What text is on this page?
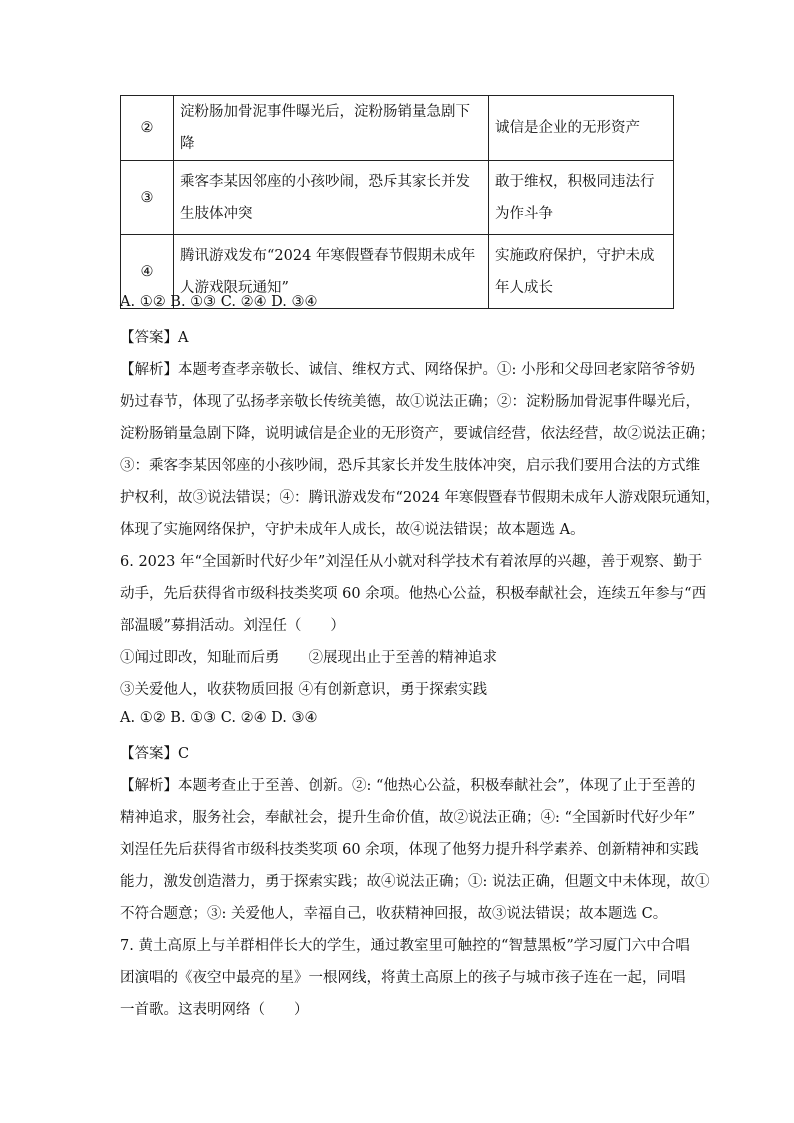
②	淀粉肠加骨泥事件曝光后，淀粉肠销量急剧下降	诚信是企业的无形资产
③	乘客李某因邻座的小孩吵闹，恐斥其家长并发生肢体冲突	敢于维权，积极同违法行为作斗争
④	腾讯游戏发布“2024 年寒假暨春节假期未成年人游戏限玩通知”	实施政府保护，守护未成年人成长
A. ①② B. ①③ C. ②④ D. ③④
【答案】A
【解析】本题考查孝亲敬长、诚信、维权方式、网络保护。①: 小彤和父母回老家陪爷爷奶
奶过春节，体现了弘扬孝亲敬长传统美德，故①说法正确；②：淀粉肠加骨泥事件曝光后，
淀粉肠销量急剧下降，说明诚信是企业的无形资产，要诚信经营，依法经营，故②说法正确；
③：乘客李某因邻座的小孩吵闹，恐斥其家长并发生肢体冲突，启示我们要用合法的方式维
护权利，故③说法错误；④：腾讯游戏发布“2024 年寒假暨春节假期未成年人游戏限玩通知，
体现了实施网络保护，守护未成年人成长，故④说法错误；故本题选 A。
6. 2023 年“全国新时代好少年”刘浧任从小就对科学技术有着浓厚的兴趣，善于观察、勤于
动手，先后获得省市级科技类奖项 60 余项。他热心公益，积极奉献社会，连续五年参与“西
部温暖”募捐活动。刘浧任（　　）
①闻过即改，知耻而后勇　　②展现出止于至善的精神追求
③关爱他人，收获物质回报 ④有创新意识，勇于探索实践
A. ①② B. ①③ C. ②④ D. ③④
【答案】C
【解析】本题考查止于至善、创新。②: “他热心公益，积极奉献社会”，体现了止于至善的
精神追求，服务社会，奉献社会，提升生命价值，故②说法正确；④: “全国新时代好少年”
刘浧任先后获得省市级科技类奖项 60 余项，体现了他努力提升科学素养、创新精神和实践
能力，激发创造潜力，勇于探索实践；故④说法正确；①: 说法正确，但题文中未体现，故①
不符合题意；③: 关爱他人，幸福自己，收获精神回报，故③说法错误；故本题选 C。
7. 黄土高原上与羊群相伴长大的学生，通过教室里可触控的“智慧黑板”学习厦门六中合唱
团演唱的《夜空中最亮的星》一根网线，将黄土高原上的孩子与城市孩子连在一起，同唱
一首歌。这表明网络（　　）
